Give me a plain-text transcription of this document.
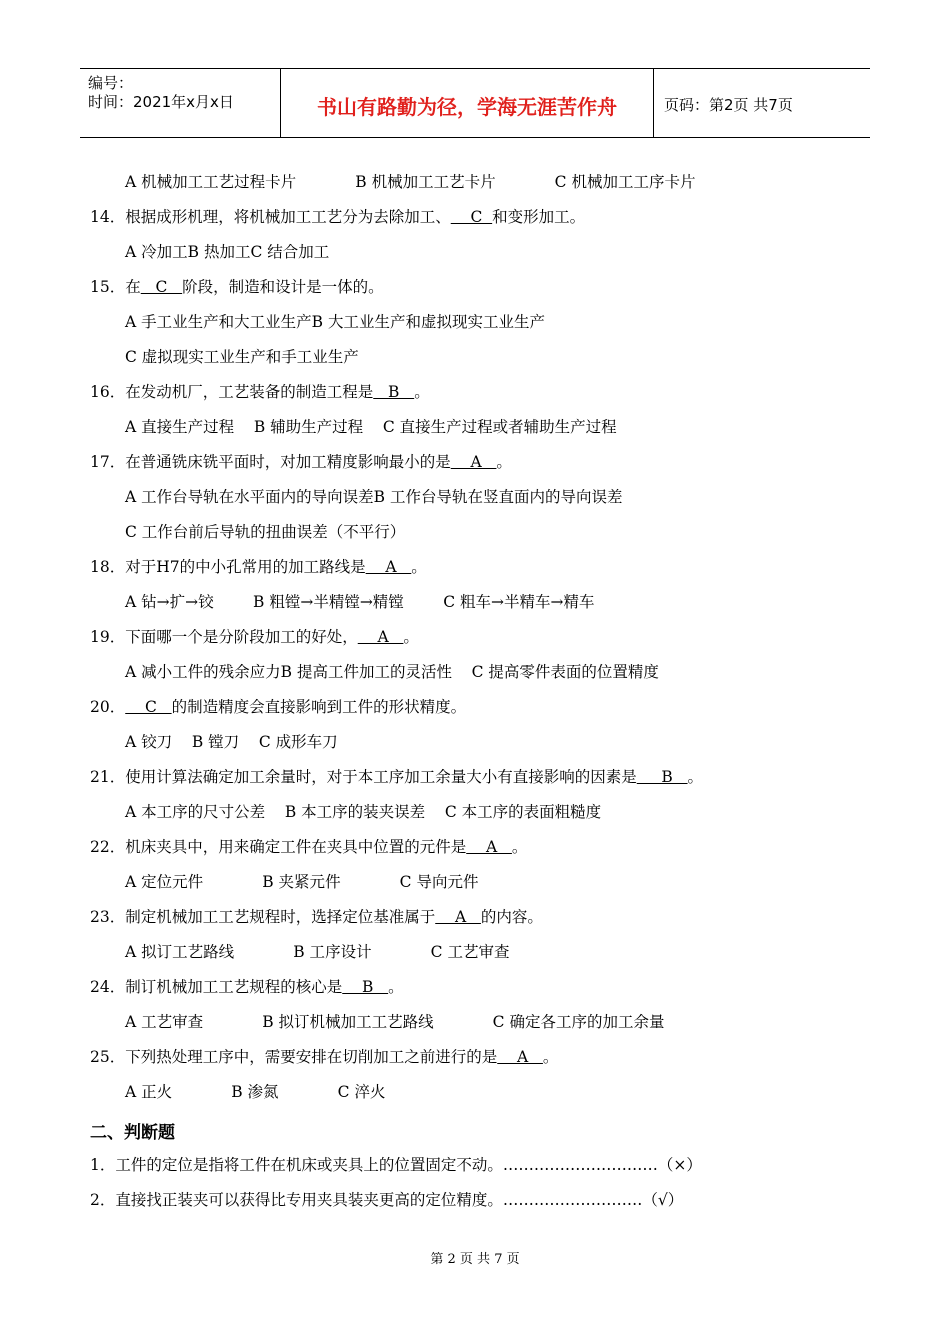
编号：
时间：2021年x月x日	书山有路勤为径，学海无涯苦作舟	页码：第2页 共7页
A 机械加工工艺过程卡片            B 机械加工工艺卡片            C 机械加工工序卡片
14．根据成形机理，将机械加工工艺分为去除加工、    C  和变形加工。
A 冷加工B 热加工C 结合加工
15．在   C   阶段，制造和设计是一体的。
A 手工业生产和大工业生产B 大工业生产和虚拟现实工业生产
C 虚拟现实工业生产和手工业生产
16．在发动机厂，工艺装备的制造工程是   B   。
A 直接生产过程    B 辅助生产过程    C 直接生产过程或者辅助生产过程
17．在普通铣床铣平面时，对加工精度影响最小的是    A   。
A 工作台导轨在水平面内的导向误差B 工作台导轨在竖直面内的导向误差
C 工作台前后导轨的扭曲误差（不平行）
18．对于H7的中小孔常用的加工路线是    A   。
A 钻→扩→铰        B 粗镗→半精镗→精镗        C 粗车→半精车→精车
19．下面哪一个是分阶段加工的好处，    A   。
A 减小工件的残余应力B 提高工件加工的灵活性    C 提高零件表面的位置精度
20．    C   的制造精度会直接影响到工件的形状精度。
A 铰刀    B 镗刀    C 成形车刀
21．使用计算法确定加工余量时，对于本工序加工余量大小有直接影响的因素是     B   。
A 本工序的尺寸公差    B 本工序的装夹误差    C 本工序的表面粗糙度
22．机床夹具中，用来确定工件在夹具中位置的元件是    A   。
A 定位元件            B 夹紧元件            C 导向元件
23．制定机械加工工艺规程时，选择定位基准属于    A   的内容。
A 拟订工艺路线            B 工序设计            C 工艺审查
24．制订机械加工工艺规程的核心是    B   。
A 工艺审查            B 拟订机械加工工艺路线            C 确定各工序的加工余量
25．下列热处理工序中，需要安排在切削加工之前进行的是    A   。
A 正火            B 渗氮            C 淬火
1．工件的定位是指将工件在机床或夹具上的位置固定不动。…………………………（×）
2．直接找正装夹可以获得比专用夹具装夹更高的定位精度。………………………（√）
二、判断题
第 2 页 共 7 页
